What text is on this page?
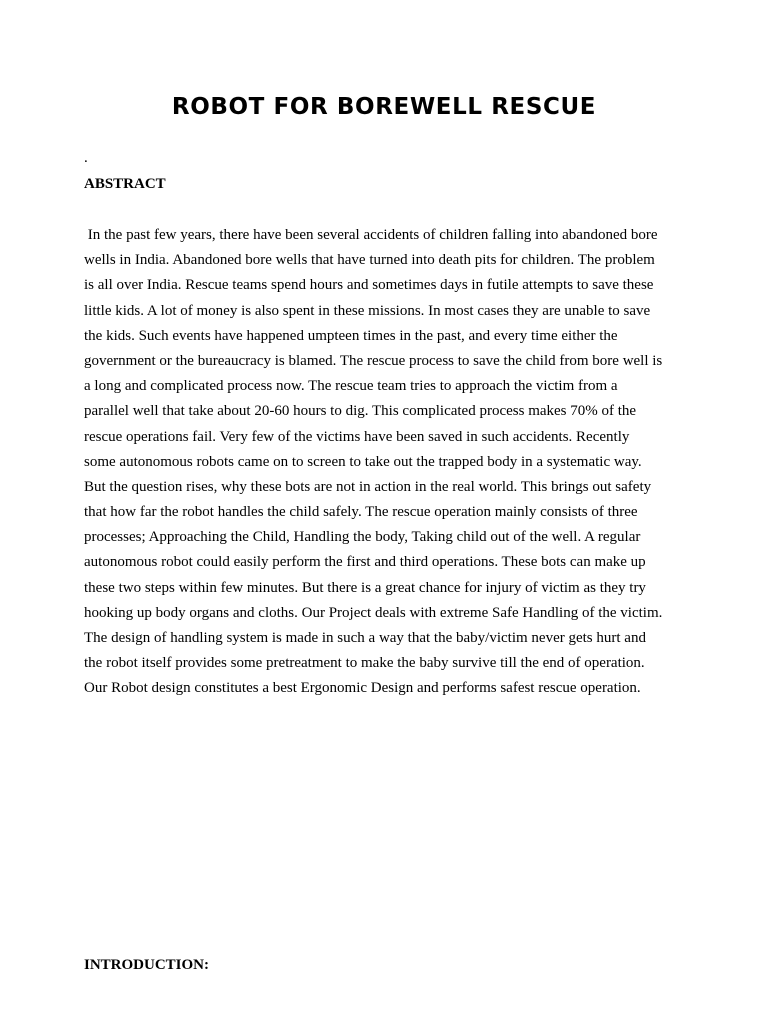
ROBOT FOR BOREWELL RESCUE

.

ABSTRACT
In the past few years, there have been several accidents of children falling into abandoned bore
wells in India. Abandoned bore wells that have turned into death pits for children. The problem
is all over India. Rescue teams spend hours and sometimes days in futile attempts to save these
little kids. A lot of money is also spent in these missions. In most cases they are unable to save
the kids. Such events have happened umpteen times in the past, and every time either the
government or the bureaucracy is blamed. The rescue process to save the child from bore well is
a long and complicated process now. The rescue team tries to approach the victim from a
parallel well that take about 20-60 hours to dig. This complicated process makes 70% of the
rescue operations fail. Very few of the victims have been saved in such accidents. Recently
some autonomous robots came on to screen to take out the trapped body in a systematic way.
But the question rises, why these bots are not in action in the real world. This brings out safety
that how far the robot handles the child safely. The rescue operation mainly consists of three
processes; Approaching the Child, Handling the body, Taking child out of the well. A regular
autonomous robot could easily perform the first and third operations. These bots can make up
these two steps within few minutes. But there is a great chance for injury of victim as they try
hooking up body organs and cloths. Our Project deals with extreme Safe Handling of the victim.
The design of handling system is made in such a way that the baby/victim never gets hurt and
the robot itself provides some pretreatment to make the baby survive till the end of operation.
Our Robot design constitutes a best Ergonomic Design and performs safest rescue operation.
INTRODUCTION:
